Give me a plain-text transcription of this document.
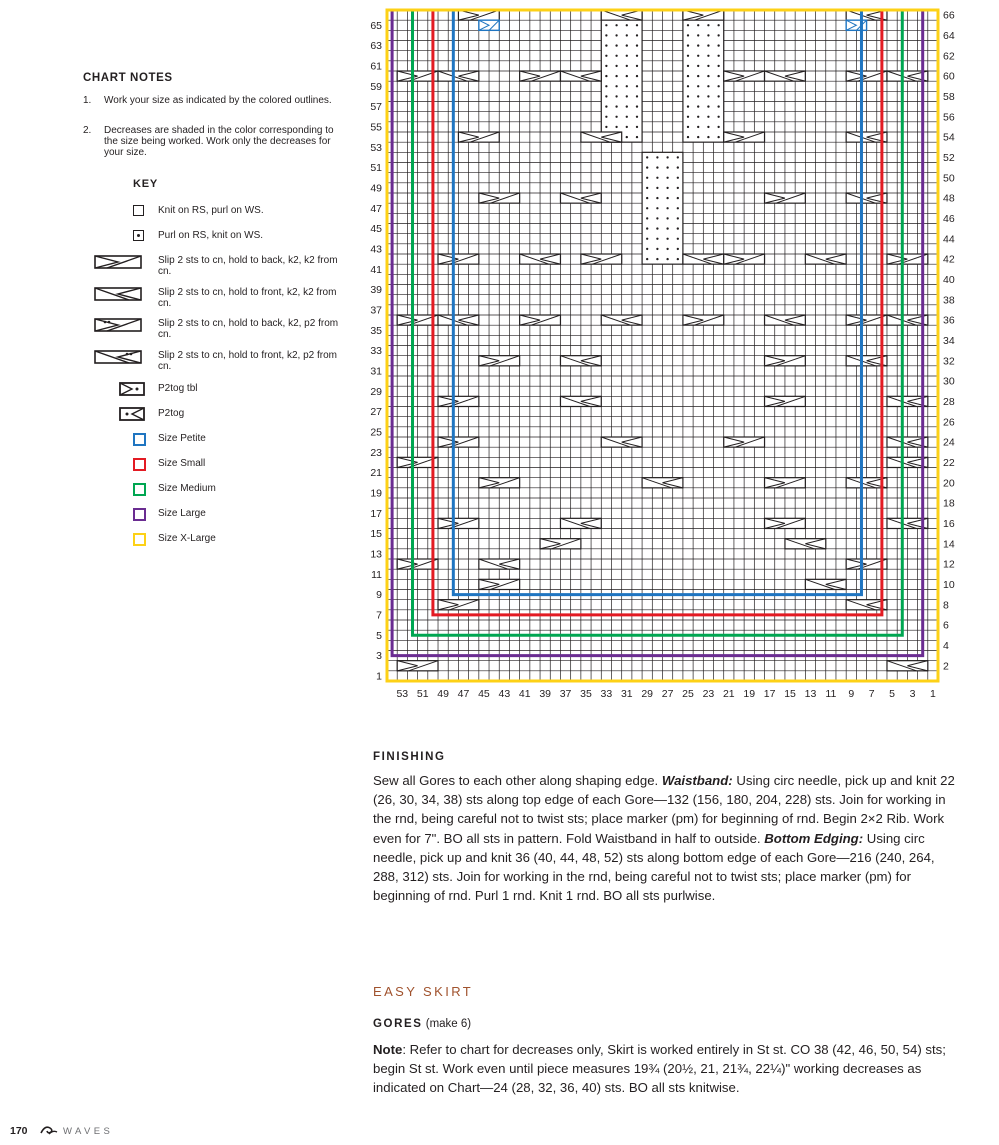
CHART NOTES
1.	Work your size as indicated by the colored outlines.
2.	Decreases are shaded in the color corresponding to the size being worked. Work only the decreases for your size.
KEY
Knit on RS, purl on WS.
Purl on RS, knit on WS.
Slip 2 sts to cn, hold to back, k2, k2 from cn.
Slip 2 sts to cn, hold to front, k2, k2 from cn.
Slip 2 sts to cn, hold to back, k2, p2 from cn.
Slip 2 sts to cn, hold to front, k2, p2 from cn.
P2tog tbl
P2tog
Size Petite
Size Small
Size Medium
Size Large
Size X-Large
65
63
61
59
57
55
53
51
49
47
45
43
41
39
37
35
33
31
29
27
25
23
21
19
17
15
13
11
9
7
5
3
1
66
64
62
60
58
56
54
52
50
48
46
44
42
40
38
36
34
32
30
28
26
24
22
20
18
16
14
12
10
8
6
4
2
53 51 49 47 45 43 41 39 37 35 33 31 29 27 25 23 21 19 17 15 13 11 9 7 5 3 1
FINISHING
Sew all Gores to each other along shaping edge. Waistband: Using circ needle, pick up and knit 22 (26, 30, 34, 38) sts along top edge of each Gore—132 (156, 180, 204, 228) sts. Join for working in the rnd, being careful not to twist sts; place marker (pm) for beginning of rnd. Begin 2×2 Rib. Work even for 7". BO all sts in pattern. Fold Waistband in half to outside. Bottom Edging: Using circ needle, pick up and knit 36 (40, 44, 48, 52) sts along bottom edge of each Gore—216 (240, 264, 288, 312) sts. Join for working in the rnd, being careful not to twist sts; place marker (pm) for beginning of rnd. Purl 1 rnd. Knit 1 rnd. BO all sts purlwise.
EASY SKIRT
GORES (make 6)
Note: Refer to chart for decreases only, Skirt is worked entirely in St st. CO 38 (42, 46, 50, 54) sts; begin St st. Work even until piece measures 19¾ (20½, 21, 21¾, 22¼)" working decreases as indicated on Chart—24 (28, 32, 36, 40) sts. BO all sts knitwise.
170	WAVES
